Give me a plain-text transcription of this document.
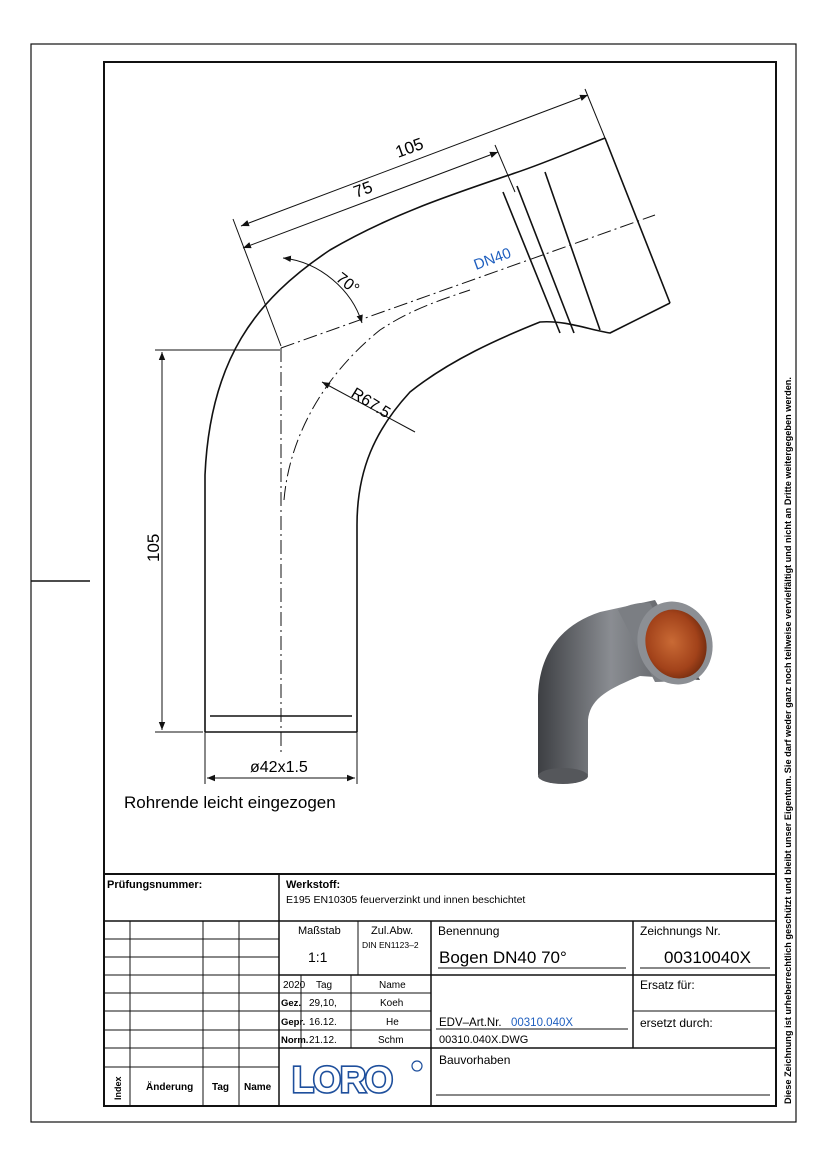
105
75
70°
DN40
R67.5
105
ø42x1.5
Rohrende leicht eingezogen	Diese Zeichnung ist urheberrechtlich geschützt und bleibt unser Eigentum. Sie darf weder ganz noch teilweise vervielfältigt und nicht an Dritte weitergegeben werden.
Prüfungsnummer:	Werkstoff:
E195 EN10305 feuerverzinkt und innen beschichtet
Maßstab
1:1
Zul.Abw.
DIN EN1123–2
Benennung
Bogen DN40 70°
Zeichnungs Nr.
00310040X
2020 Tag	Name
Gez. 29,10,	Koeh
Gepr. 16.12.	He
Norm. 21.12.	Schm
Ersatz für:
ersetzt durch:
EDV–Art.Nr. 00310.040X
00310.040X.DWG
Bauvorhaben
Index Änderung Tag Name LORO
